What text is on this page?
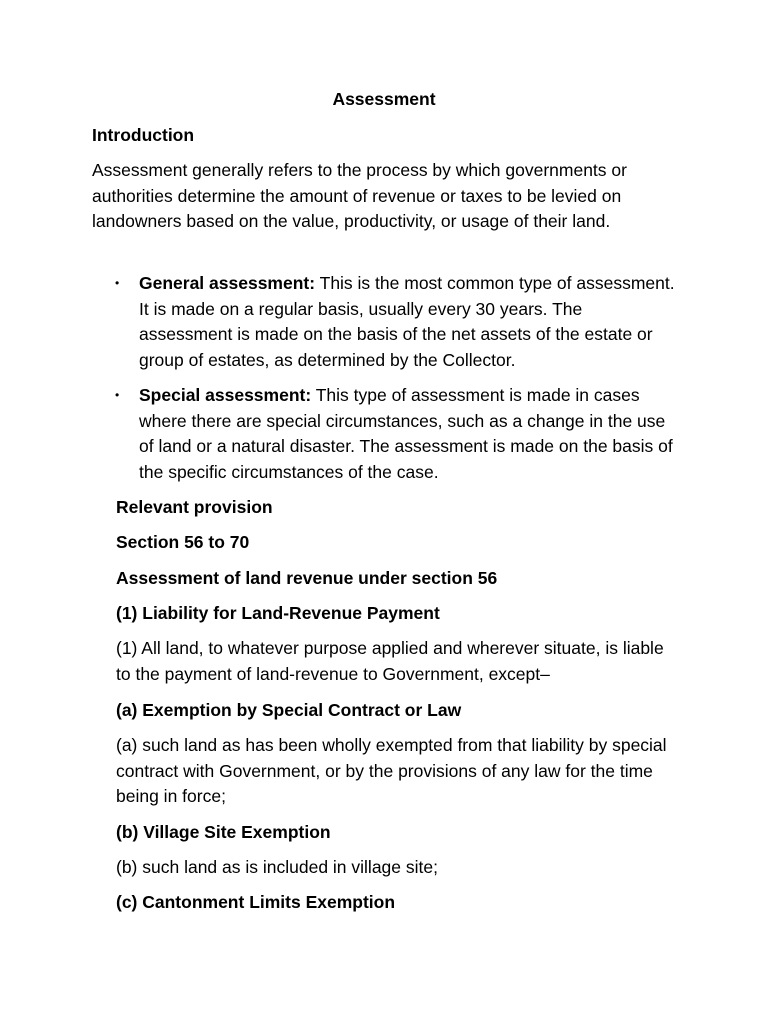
Assessment
Introduction
Assessment generally refers to the process by which governments or authorities determine the amount of revenue or taxes to be levied on landowners based on the value, productivity, or usage of their land.
• General assessment: This is the most common type of assessment. It is made on a regular basis, usually every 30 years. The assessment is made on the basis of the net assets of the estate or group of estates, as determined by the Collector.
• Special assessment: This type of assessment is made in cases where there are special circumstances, such as a change in the use of land or a natural disaster. The assessment is made on the basis of the specific circumstances of the case.
Relevant provision
Section 56 to 70
Assessment of land revenue under section 56
(1) Liability for Land-Revenue Payment
(1) All land, to whatever purpose applied and wherever situate, is liable to the payment of land-revenue to Government, except–
(a) Exemption by Special Contract or Law
(a) such land as has been wholly exempted from that liability by special contract with Government, or by the provisions of any law for the time being in force;
(b) Village Site Exemption
(b) such land as is included in village site;
(c) Cantonment Limits Exemption
